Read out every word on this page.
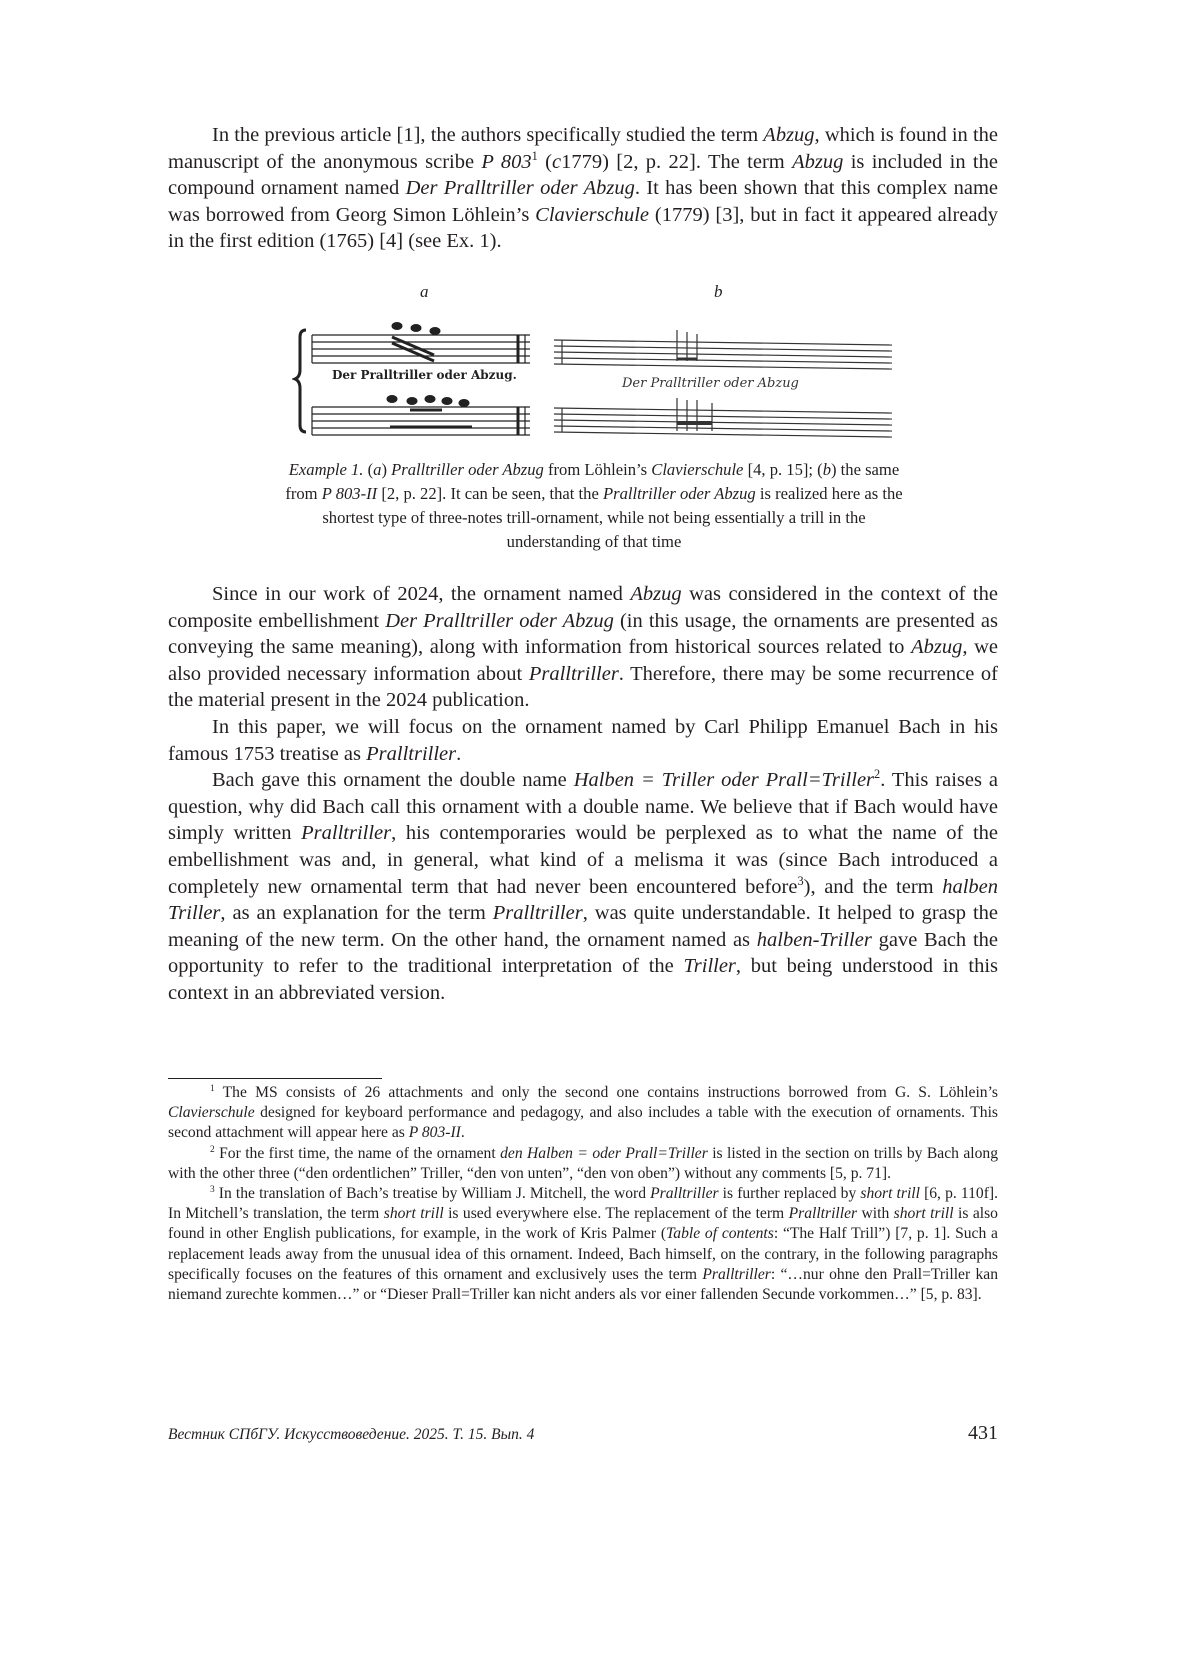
In the previous article [1], the authors specifically studied the term Abzug, which is found in the manuscript of the anonymous scribe P $803^1$ (c1779) [2, p. 22]. The term Abzug is included in the compound ornament named Der Pralltriller oder Abzug. It has been shown that this complex name was borrowed from Georg Simon Löhlein’s Clavierschule (1779) [3], but in fact it appeared already in the first edition (1765) [4] (see Ex. 1).

a	b
Der Pralltriller oder Abzug.
Der Pralltriller oder Abzug
Example 1. (a) Pralltriller oder Abzug from Löhlein’s Clavierschule [4, p. 15]; (b) the same from P 803-II [2, p. 22]. It can be seen, that the Pralltriller oder Abzug is realized here as the shortest type of three-notes trill-ornament, while not being essentially a trill in the understanding of that time

Since in our work of 2024, the ornament named Abzug was considered in the context of the composite embellishment Der Pralltriller oder Abzug (in this usage, the ornaments are presented as conveying the same meaning), along with information from historical sources related to Abzug, we also provided necessary information about Pralltriller. Therefore, there may be some recurrence of the material present in the 2024 publication.

In this paper, we will focus on the ornament named by Carl Philipp Emanuel Bach in his famous 1753 treatise as Pralltriller.

Bach gave this ornament the double name Halben = Triller oder Prall=Triller$^2$. This raises a question, why did Bach call this ornament with a double name. We believe that if Bach would have simply written Pralltriller, his contemporaries would be perplexed as to what the name of the embellishment was and, in general, what kind of a melisma it was (since Bach introduced a completely new ornamental term that had never been encountered before$^3$), and the term halben Triller, as an explanation for the term Pralltriller, was quite understandable. It helped to grasp the meaning of the new term. On the other hand, the ornament named as halben-Triller gave Bach the opportunity to refer to the traditional interpretation of the Triller, but being understood in this context in an abbreviated version.

$^1$ The MS consists of 26 attachments and only the second one contains instructions borrowed from G. S. Löhlein’s Clavierschule designed for keyboard performance and pedagogy, and also includes a table with the execution of ornaments. This second attachment will appear here as P 803-II.

$^2$ For the first time, the name of the ornament den Halben = oder Prall=Triller is listed in the section on trills by Bach along with the other three (“den ordentlichen” Triller, “den von unten”, “den von oben”) without any comments [5, p. 71].

$^3$ In the translation of Bach’s treatise by William J. Mitchell, the word Pralltriller is further replaced by short trill [6, p. 110f]. In Mitchell’s translation, the term short trill is used everywhere else. The replacement of the term Pralltriller with short trill is also found in other English publications, for example, in the work of Kris Palmer (Table of contents: “The Half Trill”) [7, p. 1]. Such a replacement leads away from the unusual idea of this ornament. Indeed, Bach himself, on the contrary, in the following paragraphs specifically focuses on the features of this ornament and exclusively uses the term Pralltriller: “…nur ohne den Prall=Triller kan niemand zurechte kommen…” or “Dieser Prall=Triller kan nicht anders als vor einer fallenden Secunde vorkommen…” [5, p. 83].

Вестник СПбГУ. Искусствоведение. 2025. Т. 15. Вып. 4	431
